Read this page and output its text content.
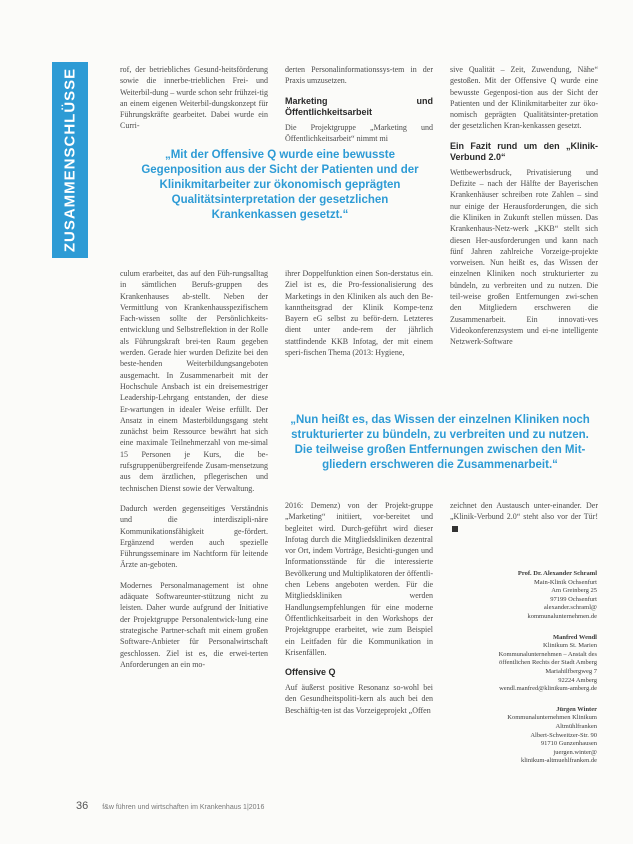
ZUSAMMENSCHLÜSSE	rof, der betriebliches Gesund-heitsförderung sowie die innerbe-trieblichen Frei- und Weiterbil-dung – wurde schon sehr frühzei-tig an einem eigenen Weiterbil-dungskonzept für Führungskräfte gearbeitet. Dabei wurde ein Curri-

derten Personalinformationssys-tem in der Praxis umzusetzen.

Marketing und Öffentlichkeitsarbeit

Die Projektgruppe „Marketing und Öffentlichkeitsarbeit“ nimmt mi

sive Qualität – Zeit, Zuwendung, Nähe“ gestoßen. Mit der Offensive Q wurde eine bewusste Gegenposi-tion aus der Sicht der Patienten und der Klinikmitarbeiter zur öko-nomisch geprägten Qualitätsinter-pretation der gesetzlichen Kran-kenkassen gesetzt.

Ein Fazit rund um den „Klinik-Verbund 2.0“

Wettbewerbsdruck, Privatisierung und Defizite – nach der Hälfte der Bayerischen Krankenhäuser schreiben rote Zahlen – sind nur einige der Herausforderungen, die sich die Kliniken in Zukunft stellen müssen. Das Krankenhaus-Netz-werk „KKB“ stellt sich diesen Her-ausforderungen und kann nach fünf Jahren zahlreiche Vorzeige-projekte vorweisen. Nun heißt es, das Wissen der einzelnen Kliniken noch strukturierter zu bündeln, zu verbreiten und zu nutzen. Die teil-weise großen Entfernungen zwi-schen den Mitgliedern erschweren die Zusammenarbeit. Ein innovati-ves Videokonferenzsystem und ei-ne intelligente Netzwerk-Software

„Mit der Offensive Q wurde eine bewusste Gegenposition aus der Sicht der Patienten und der Klinikmitarbeiter zur ökonomisch geprägten Qualitätsinterpretation der gesetzlichen Krankenkassen gesetzt.“

culum erarbeitet, das auf den Füh-rungsalltag in sämtlichen Berufs-gruppen des Krankenhauses ab-stellt. Neben der Vermittlung von Krankenhausspezifischem Fach-wissen sollte der Persönlichkeits-entwicklung und Selbstreflektion in der Rolle als Führungskraft brei-ten Raum gegeben werden. Gerade hier wurden Defizite bei den beste-henden Weiterbildungsangeboten ausgemacht. In Zusammenarbeit mit der Hochschule Ansbach ist ein dreisemestriger Leadership-Lehrgang entstanden, der diese Er-wartungen in idealer Weise erfüllt. Der Ansatz in einem Masterbildungsgang steht zunächst beim Ressource bewährt hat sich eine maximale Teilnehmerzahl von me-simal 15 Personen je Kurs, die be-rufsgruppenübergreifende Zusam-mensetzung aus dem ärztlichen, pflegerischen und technischen Dienst sowie der Verwaltung.

Dadurch werden gegenseitiges Verständnis und die interdiszipli-näre Kommunikationsfähigkeit ge-fördert. Ergänzend werden auch spezielle Führungsseminare im Nachtform für leitende Ärzte an-geboten.

Modernes Personalmanagement ist ohne adäquate Softwareunter-stützung nicht zu leisten. Daher wurde aufgrund der Initiative der Projektgruppe Personalentwick-lung eine strategische Partner-schaft mit einem großen Software-Anbieter für Personalwirtschaft geschlossen. Ziel ist es, die erwei-terten Anforderungen an ein mo-

ihrer Doppelfunktion einen Son-derstatus ein. Ziel ist es, die Pro-fessionalisierung des Marketings in den Kliniken als auch den Be-kanntheitsgrad der Klinik Kompe-tenz Bayern eG selbst zu beför-dern. Letzteres dient unter ande-rem der jährlich stattfindende KKB Infotag, der mit einem speri-fischen Thema (2013: Hygiene,

„Nun heißt es, das Wissen der einzelnen Kliniken noch strukturierter zu bündeln, zu verbreiten und zu nutzen. Die teilweise großen Entfernungen zwischen den Mit-gliedern erschweren die Zusammenarbeit.“

2016: Demenz) von der Projekt-gruppe „Marketing“ initiiert, vor-bereitet und begleitet wird. Durch-geführt wird dieser Infotag durch die Mitgliedskliniken dezentral vor Ort, indem Vorträge, Besichti-gungen und Informationsstände für die interessierte Bevölkerung und Multiplikatoren der öffentli-chen Lebens angeboten werden. Für die Mitgliedskliniken werden Handlungsempfehlungen für eine moderne Öffentlichkeitsarbeit in den Workshops der Projektgruppe erarbeitet, wie zum Beispiel ein Leitfaden für die Kommunikation in Krisenfällen.

Offensive Q

Auf äußerst positive Resonanz so-wohl bei den Gesundheitspoliti-kern als auch bei den Beschäftig-ten ist das Vorzeigeprojekt „Offen

zeichnet den Austausch unter-einander. Der „Klinik-Verbund 2.0“ steht also vor der Tür!

Prof. Dr. Alexander Schraml
Main-Klinik Ochsenfurt
Am Greinberg 25
97199 Ochsenfurt
alexander.schraml@
kommunalunternehmen.de
Manfred Wendl
Klinikum St. Marien
Kommunalunternehmen – Anstalt des
öffentlichen Rechts der Stadt Amberg
Mariahilfbergweg 7
92224 Amberg
wendl.manfred@klinikum-amberg.de
Jürgen Winter
Kommunalunternehmen Klinikum
Altmühlfranken
Albert-Schweitzer-Str. 90
91710 Gunzenhausen
juergen.winter@
klinikum-altmuehlfranken.de
36 f&w führen und wirtschaften im Krankenhaus 1|2016
